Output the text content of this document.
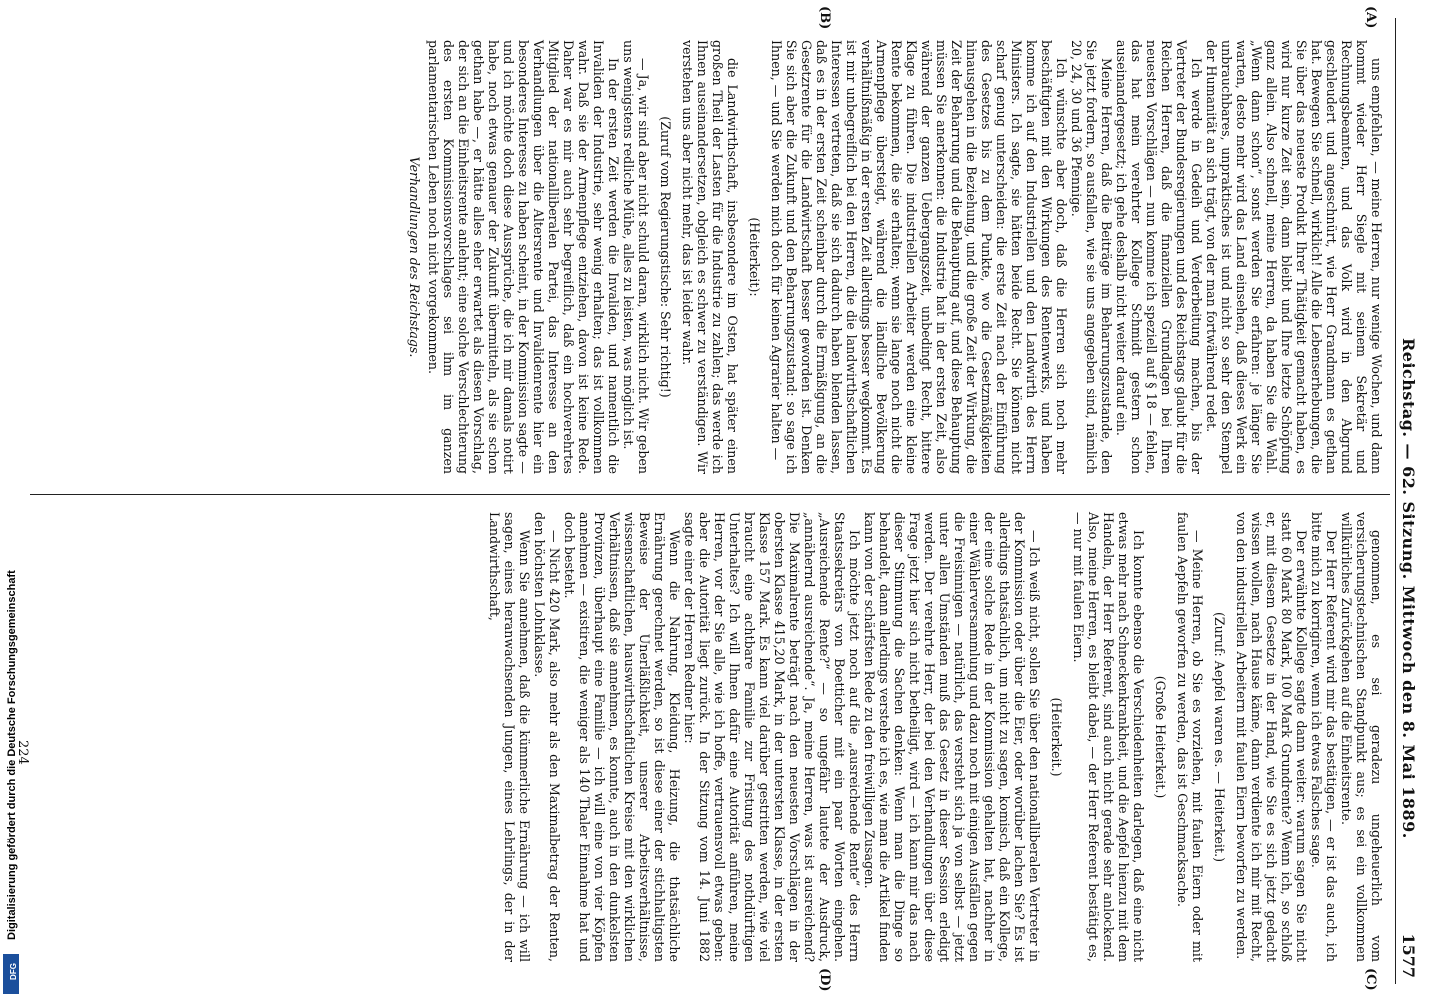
Reichstag. — 62. Sitzung. Mittwoch den 8. Mai 1889.
1577
(A)
(B)
(C)
(D)

uns empfehlen, — meine Herren, nur wenige Wochen, und dann kommt wieder Herr Siegle mit seinem Sekretär und Rechnungsbeamten, und das Volk wird in den Abgrund geschleudert und angeschnürt, wie Herr Grandmann es gethan hat. Bewegen Sie schnell, wirklich! Alle die Lebenserhebungen, die Sie über das neueste Produkt Ihrer Thätigkeit gemacht haben, es wird nur kurze Zeit sein, dann bleibt und Ihre letzte Schöpfung ganz allein. Also schnell, meine Herren, da haben Sie die Wahl. „Wenn dann schon“, sonst werden Sie erfahren: je länger Sie warten, desto mehr wird das Land einsehen, daß dieses Werk ein unbrauchbares, unpraktisches ist und nicht so sehr den Stempel der Humanität an sich trägt, von der man fortwährend redet.

Ich werde in Gedeih und Verderbeitung machen, bis der Vertreter der Bundesregierungen und des Reichstags glaubt für die Reichen Herren, daß die finanziellen Grundlagen bei Ihren neuesten Vorschlägen — nun komme ich speziell auf § 18 — fehlen, das hat mein verehrter Kollege Schmidt gestern schon auseinandergesetzt; ich gehe deshalb nicht weiter darauf ein.

Meine Herren, daß die Beiträge im Beharrungszustande, den Sie jetzt fordern, so ausfallen, wie sie uns angegeben sind, nämlich 20, 24, 30 und 36 Pfennige.

Ich wünschte aber doch, daß die Herren sich noch mehr beschäftigten mit den Wirkungen des Rentenwerks, und haben komme ich auf den Industriellen und den Landwirth des Herrn Ministers. Ich sagte, sie hätten beide Recht. Sie können nicht scharf genug unterscheiden: die erste Zeit nach der Einführung des Gesetzes bis zu dem Punkte, wo die Gesetzmäßigkeiten hinausgehen in die Beziehung, und die große Zeit der Wirkung, die Zeit der Beharrung und die Behauptung auf, und diese Behauptung müssen Sie anerkennen: die Industrie hat in der ersten Zeit, also während der ganzen Uebergangszeit, unbedingt Recht, bittere Klage zu führen. Die industriellen Arbeiter werden eine kleine Rente bekommen, die sie erhalten; wenn sie lange noch nicht die Armenpflege übersteigt, während die ländliche Bevölkerung verhältnißmäßig in der ersten Zeit allerdings besser wegkommt. Es ist mir unbegreiflich bei den Herren, die die landwirthschaftlichen Interessen vertreten, daß sie sich dadurch haben blenden lassen, daß es in der ersten Zeit scheinbar durch die Ermäßigung, an die Gesetzrente für die Landwirtschaft besser geworden ist. Denken Sie sich aber die Zukunft und den Beharrungszustand: so sage ich Ihnen, — und Sie werden mich doch für keinen Agrarier halten —

(Heiterkeit):

die Landwirthschaft, insbesondere im Osten, hat später einen großen Theil der Lasten für die Industrie zu zahlen; das werde ich Ihnen auseinandersetzen, obgleich es schwer zu verständigen. Wir verstehen uns aber nicht mehr, das ist leider wahr.

(Zuruf vom Regierungstische: Sehr richtig!)

— Ja, wir sind aber nicht schuld daran, wirklich nicht. Wir geben uns wenigstens redliche Mühe, alles zu leisten, was möglich ist.

In der ersten Zeit werden die Invaliden, und namentlich die Invaliden der Industrie, sehr wenig erhalten; das ist vollkommen wahr. Daß sie der Armenpflege entziehen, davon ist keine Rede. Daher war es mir auch sehr begreiflich, daß ein hochverehrtes Mitglied der nationalliberalen Partei, das Interesse an den Verhandlungen über die Altersrente und Invalidenrente hier ein besonderes Interesse zu haben scheint, in der Kommission sagte — und ich möchte doch diese Aussprüche, die ich mir damals notirt habe, noch etwas genauer der Zukunft übermitteln, als sie schon gethan habe —, er hätte alles eher erwartet als diesen Vorschlag, der sich an die Einheitsrente anlehnt; eine solche Verschlechterung des ersten Kommissionsvorschlages sei ihm im ganzen parlamentarischen Leben noch nicht vorgekommen.

Verhandlungen des Reichstags.

genommen, es sei geradezu ungeheuerlich vom versicherungstechnischen Standpunkt aus; es sei ein vollkommen willkürliches Zurückgehen auf die Einheitsrente.

Der Herr Referent wird mir das bestätigen, — er ist das auch, ich bitte mich zu korrigiren, wenn ich etwas Falsches sage.

Der erwähnte Kollege sagte dann weiter: warum sagen Sie nicht statt 60 Mark 80 Mark, 100 Mark Grundrente? Wenn ich, so schloß er, mit diesem Gesetze in der Hand, wie Sie es sich jetzt gedacht wissen wollen, nach Hause käme, dann verdiente ich mir mit Recht, von den industriellen Arbeitern mit faulen Eiern beworfen zu werden.

(Zuruf: Aepfel waren es. — Heiterkeit.)

— Meine Herren, ob Sie es vorziehen, mit faulen Eiern oder mit faulen Aepfeln geworfen zu werden, das ist Geschmacksache.

(Große Heiterkeit.)

Ich konnte ebenso die Verschiedenheiten darlegen, daß eine nicht etwas mehr nach Schneckenkrankheit, und die Aepfel hienzu mit dem Handeln, der Herr Referent, sind auch nicht gerade sehr anlockend. Also, meine Herren, es bleibt dabei, — der Herr Referent bestätigt es, — nur mit faulen Eiern.

(Heiterkeit.)

— Ich weiß nicht, sollen Sie über den nationalliberalen Vertreter in der Kommission oder über die Eier, oder worüber lachen Sie? Es ist allerdings thatsächlich, um nicht zu sagen, komisch, daß ein Kollege, der eine solche Rede in der Kommission gehalten hat, nachher in einer Wählerversammlung und dazu noch mit einigen Ausfällen gegen die Freisinnigen — natürlich, das versteht sich ja von selbst — jetzt unter allen Umständen muß das Gesetz in dieser Session erledigt werden. Der verehrte Herr, der bei den Verhandlungen über diese Frage jetzt hier sich nicht betheiligt, wird — ich kann mir das nach dieser Stimmung die Sachen denken: Wenn man die Dinge so behandelt, dann allerdings verstehe ich es, wie man die Artikel finden kann von der schärfsten Rede zu den freiwilligen Zusagen.

Ich möchte jetzt noch auf die „ausreichende Rente“ des Herrn Staatssekretärs von Boetticher mit ein paar Worten eingehen. „Ausreichende Rente?“ — so ungefähr lautete der Ausdruck, „annähernd ausreichende“. Ja, meine Herren, was ist ausreichend? Die Maximalrente beträgt nach den neuesten Vorschlägen in der obersten Klasse 415,20 Mark, in der untersten Klasse, in der ersten Klasse 157 Mark. Es kann viel darüber gestritten werden, wie viel braucht eine achtbare Familie zur Fristung des nothdürftigen Unterhaltes? Ich will Ihnen dafür eine Autorität anführen, meine Herren, vor der Sie alle, wie ich hoffe, vertrauensvoll etwas geben: aber die Autorität liegt zurück. In der Sitzung vom 14. Juni 1882 sagte einer der Herren Redner hier:

Wenn die Nahrung, Kleidung, Heizung, die thatsächliche Ernährung gerechnet werden, so ist diese einer der stichhaltigsten Beweise der Unerläßlichkeit, unserer Arbeitsverhältnisse, wissenschaftlichen, hauswirthschaftlichen Kreise mit den wirklichen Verhältnissen, daß sie annehmen, es konnte, auch in den dunkelsten Provinzen, überhaupt eine Familie — ich will eine von vier Köpfen annehmen — existiren, die weniger als 140 Thaler Einnahme hat und doch besteht.

— Nicht 420 Mark, also mehr als den Maximalbetrag der Renten, den höchsten Lohnklasse.

Wenn Sie annehmen, daß die kümmerliche Ernährung — ich will sagen, eines heranwachsenden Jungen, eines Lehrlings, der in der Landwirthschaft,

224
Digitalisierung gefördert durch die Deutsche Forschungsgemeinschaft
DFG
